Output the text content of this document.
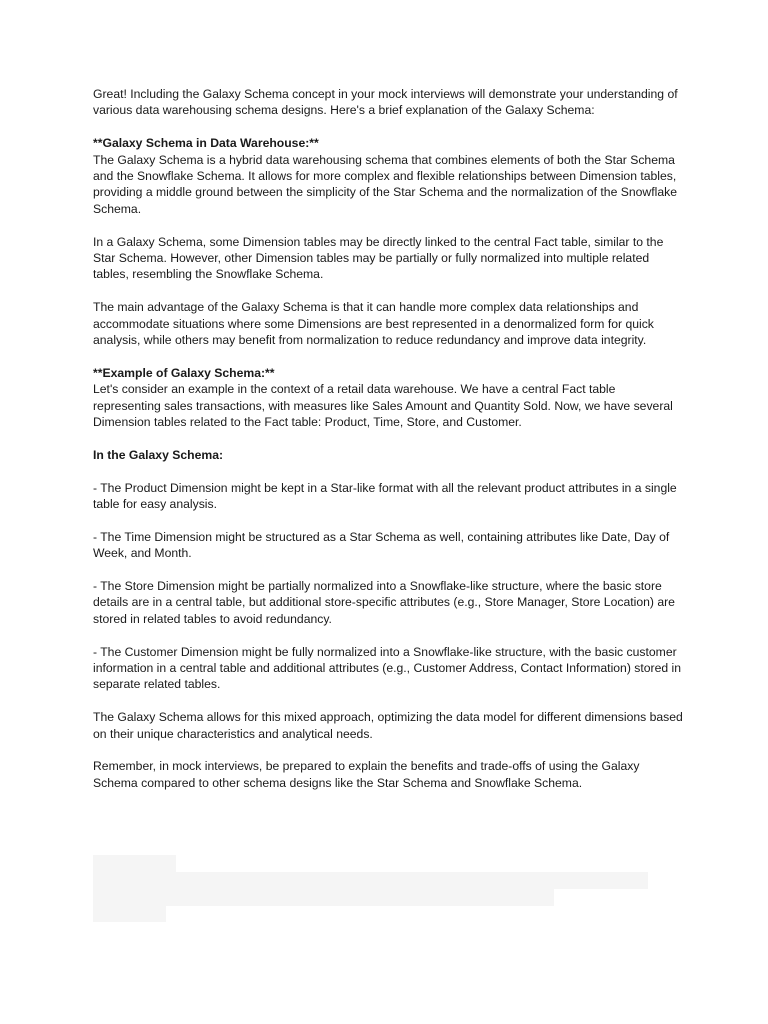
Great! Including the Galaxy Schema concept in your mock interviews will demonstrate your understanding of various data warehousing schema designs. Here's a brief explanation of the Galaxy Schema:

**Galaxy Schema in Data Warehouse:**

The Galaxy Schema is a hybrid data warehousing schema that combines elements of both the Star Schema and the Snowflake Schema. It allows for more complex and flexible relationships between Dimension tables, providing a middle ground between the simplicity of the Star Schema and the normalization of the Snowflake Schema.

In a Galaxy Schema, some Dimension tables may be directly linked to the central Fact table, similar to the Star Schema. However, other Dimension tables may be partially or fully normalized into multiple related tables, resembling the Snowflake Schema.

The main advantage of the Galaxy Schema is that it can handle more complex data relationships and accommodate situations where some Dimensions are best represented in a denormalized form for quick analysis, while others may benefit from normalization to reduce redundancy and improve data integrity.

**Example of Galaxy Schema:**

Let's consider an example in the context of a retail data warehouse. We have a central Fact table representing sales transactions, with measures like Sales Amount and Quantity Sold. Now, we have several Dimension tables related to the Fact table: Product, Time, Store, and Customer.

In the Galaxy Schema:

- The Product Dimension might be kept in a Star-like format with all the relevant product attributes in a single table for easy analysis.

- The Time Dimension might be structured as a Star Schema as well, containing attributes like Date, Day of Week, and Month.

- The Store Dimension might be partially normalized into a Snowflake-like structure, where the basic store details are in a central table, but additional store-specific attributes (e.g., Store Manager, Store Location) are stored in related tables to avoid redundancy.

- The Customer Dimension might be fully normalized into a Snowflake-like structure, with the basic customer information in a central table and additional attributes (e.g., Customer Address, Contact Information) stored in separate related tables.

The Galaxy Schema allows for this mixed approach, optimizing the data model for different dimensions based on their unique characteristics and analytical needs.

Remember, in mock interviews, be prepared to explain the benefits and trade-offs of using the Galaxy Schema compared to other schema designs like the Star Schema and Snowflake Schema.
